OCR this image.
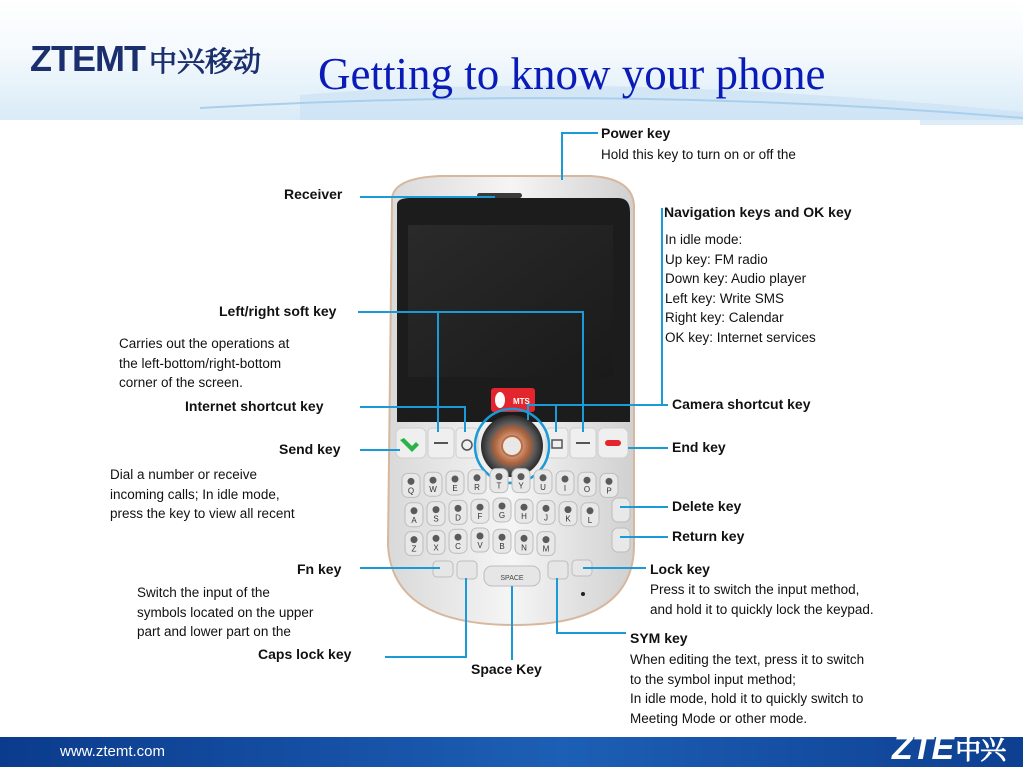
ZTEMT 中兴移动 Getting to know your phone
MTS
Q W E R T Y U I O P
A S D F G H J K L
Z X C V B N M
SPACE
Power key
Hold this key to turn on or off the
Receiver
Navigation keys and OK key
In idle mode:
Up key: FM radio
Down key: Audio player
Left key: Write SMS
Right key: Calendar
OK key: Internet services
Left/right soft key
Carries out the operations at
the left-bottom/right-bottom
corner of the screen.
Internet shortcut key	Camera shortcut key
Send key
Dial a number or receive
incoming calls; In idle mode,
press the key to view all recent
End key
Delete key
Return key
Fn key
Switch the input of the
symbols located on the upper
part and lower part on the
Lock key
Press it to switch the input method,
and hold it to quickly lock the keypad.
Caps lock key
Space Key
SYM key
When editing the text, press it to switch
to the symbol input method;
In idle mode, hold it to quickly switch to
Meeting Mode or other mode.
www.ztemt.com	ZTE中兴
